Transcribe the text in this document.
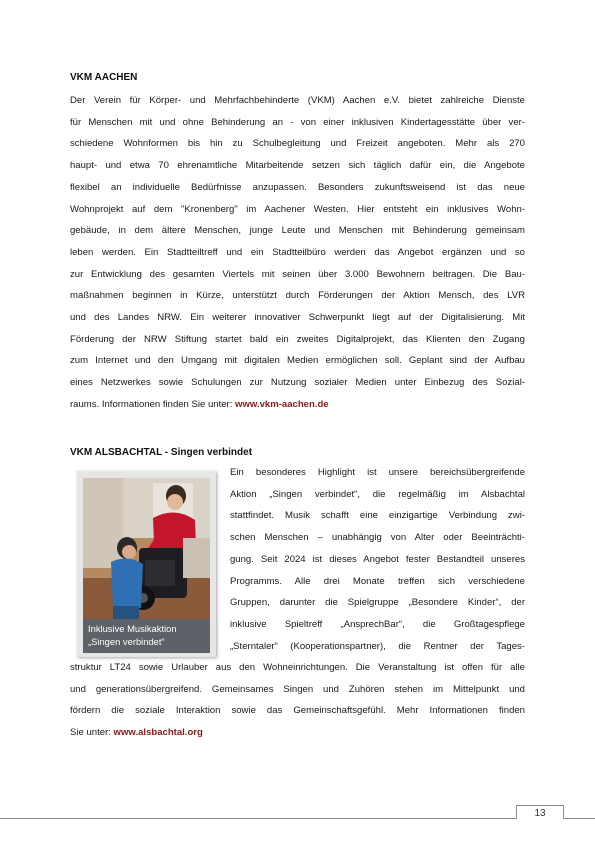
VKM AACHEN
Der Verein für Körper- und Mehrfachbehinderte (VKM) Aachen e.V. bietet zahlreiche Dienste
für Menschen mit und ohne Behinderung an - von einer inklusiven Kindertagesstätte über ver-
schiedene Wohnformen bis hin zu Schulbegleitung und Freizeit angeboten. Mehr als 270
haupt- und etwa 70 ehrenamtliche Mitarbeitende setzen sich täglich dafür ein, die Angebote
flexibel an individuelle Bedürfnisse anzupassen. Besonders zukunftsweisend ist das neue
Wohnprojekt auf dem "Kronenberg" im Aachener Westen. Hier entsteht ein inklusives Wohn-
gebäude, in dem ältere Menschen, junge Leute und Menschen mit Behinderung gemeinsam
leben werden. Ein Stadtteiltreff und ein Stadtteilbüro werden das Angebot ergänzen und so
zur Entwicklung des gesamten Viertels mit seinen über 3.000 Bewohnern beitragen. Die Bau-
maßnahmen beginnen in Kürze, unterstützt durch Förderungen der Aktion Mensch, des LVR
und des Landes NRW. Ein weiterer innovativer Schwerpunkt liegt auf der Digitalisierung. Mit
Förderung der NRW Stiftung startet bald ein zweites Digitalprojekt, das Klienten den Zugang
zum Internet und den Umgang mit digitalen Medien ermöglichen soll. Geplant sind der Aufbau
eines Netzwerkes sowie Schulungen zur Nutzung sozialer Medien unter Einbezug des Sozial-
raums. Informationen finden Sie unter: www.vkm-aachen.de
VKM ALSBACHTAL - Singen verbindet
Inklusive Musikaktion
„Singen verbindet“
Ein besonderes Highlight ist unsere bereichsübergreifende
Aktion „Singen verbindet“, die regelmäßig im Alsbachtal
stattfindet. Musik schafft eine einzigartige Verbindung zwi-
schen Menschen – unabhängig von Alter oder Beeinträchti-
gung. Seit 2024 ist dieses Angebot fester Bestandteil unseres
Programms. Alle drei Monate treffen sich verschiedene
Gruppen, darunter die Spielgruppe „Besondere Kinder“, der
inklusive Spieltreff „AnsprechBar“, die Großtagespflege
„Sterntaler“ (Kooperationspartner), die Rentner der Tages-
struktur LT24 sowie Urlauber aus den Wohneinrichtungen. Die Veranstaltung ist offen für alle
und generationsübergreifend. Gemeinsames Singen und Zuhören stehen im Mittelpunkt und
fördern die soziale Interaktion sowie das Gemeinschaftsgefühl. Mehr Informationen finden
Sie unter: www.alsbachtal.org
13
